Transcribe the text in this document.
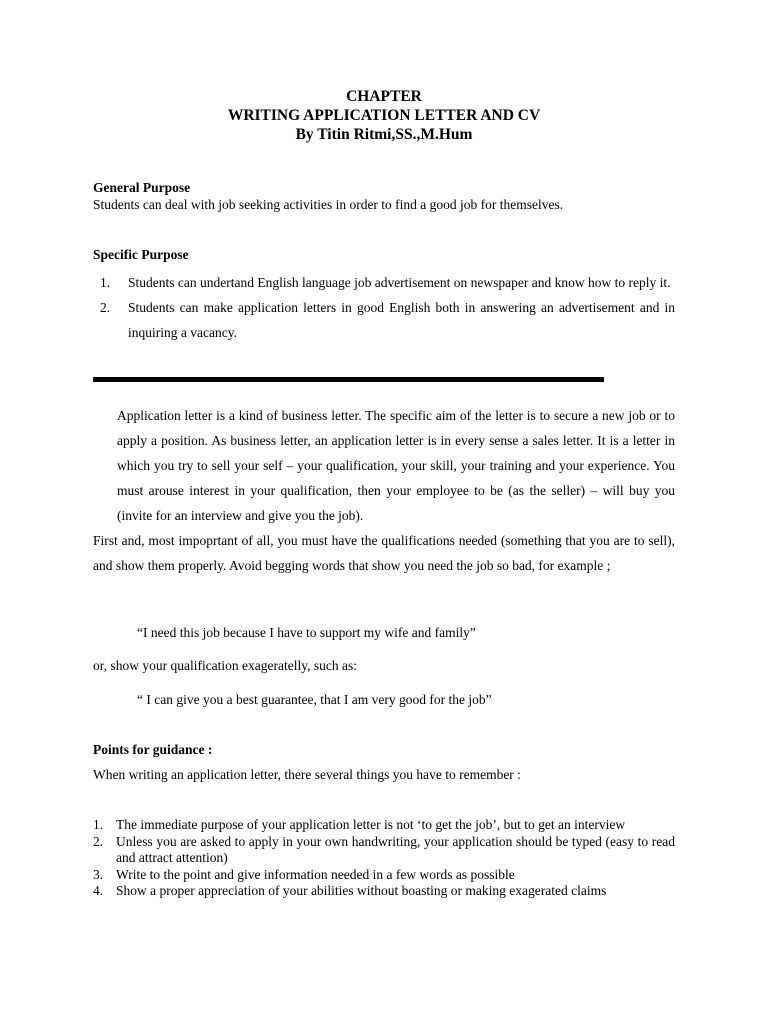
CHAPTER
WRITING APPLICATION LETTER AND CV
By Titin Ritmi,SS.,M.Hum
General Purpose
Students can deal with job seeking activities in order to find a good job for themselves.
Specific Purpose
1. Students can undertand English language job advertisement on newspaper and know how to reply it.
2. Students can make application letters in good English both in answering an advertisement and in inquiring a vacancy.
Application letter is a kind of business letter. The specific aim of the letter is to secure a new job or to apply a position. As business letter, an application letter is in every sense a sales letter. It is a letter in which you try to sell your self – your qualification, your skill, your training and your experience. You must arouse interest in your qualification, then your employee to be (as the seller) – will buy you (invite for an interview and give you the job).
First and, most impoprtant of all, you must have the qualifications needed (something that you are to sell), and show them properly. Avoid begging words that show you need the job so bad, for example ;
“I need this job because I have to support my wife and family”
or, show your qualification exageratelly, such as:
“ I can give you a best guarantee, that I am very good for the job”
Points for guidance :
When writing an application letter, there several things you have to remember :
1. The immediate purpose of your application letter is not ‘to get the job’, but to get an interview
2. Unless you are asked to apply in your own handwriting, your application should be typed (easy to read and attract attention)
3. Write to the point and give information needed in a few words as possible
4. Show a proper appreciation of your abilities without boasting or making exagerated claims
